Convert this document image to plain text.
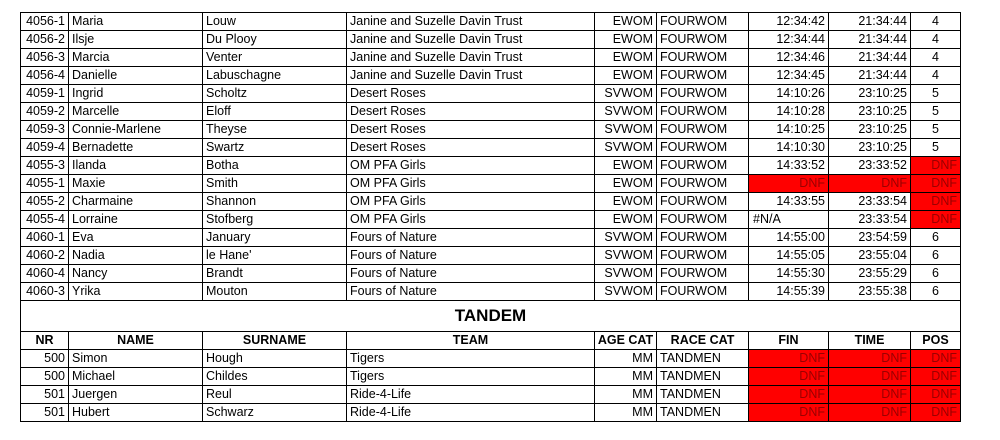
4056-1	Maria	Louw	Janine and Suzelle Davin Trust	EWOM	FOURWOM	12:34:42	21:34:44	4
4056-2	Ilsje	Du Plooy	Janine and Suzelle Davin Trust	EWOM	FOURWOM	12:34:44	21:34:44	4
4056-3	Marcia	Venter	Janine and Suzelle Davin Trust	EWOM	FOURWOM	12:34:46	21:34:44	4
4056-4	Danielle	Labuschagne	Janine and Suzelle Davin Trust	EWOM	FOURWOM	12:34:45	21:34:44	4
4059-1	Ingrid	Scholtz	Desert Roses	SVWOM	FOURWOM	14:10:26	23:10:25	5
4059-2	Marcelle	Eloff	Desert Roses	SVWOM	FOURWOM	14:10:28	23:10:25	5
4059-3	Connie-Marlene	Theyse	Desert Roses	SVWOM	FOURWOM	14:10:25	23:10:25	5
4059-4	Bernadette	Swartz	Desert Roses	SVWOM	FOURWOM	14:10:30	23:10:25	5
4055-3	Ilanda	Botha	OM PFA Girls	EWOM	FOURWOM	14:33:52	23:33:52	DNF
4055-1	Maxie	Smith	OM PFA Girls	EWOM	FOURWOM	DNF	DNF	DNF
4055-2	Charmaine	Shannon	OM PFA Girls	EWOM	FOURWOM	14:33:55	23:33:54	DNF
4055-4	Lorraine	Stofberg	OM PFA Girls	EWOM	FOURWOM	#N/A	23:33:54	DNF
4060-1	Eva	January	Fours of Nature	SVWOM	FOURWOM	14:55:00	23:54:59	6
4060-2	Nadia	le Hane'	Fours of Nature	SVWOM	FOURWOM	14:55:05	23:55:04	6
4060-4	Nancy	Brandt	Fours of Nature	SVWOM	FOURWOM	14:55:30	23:55:29	6
4060-3	Yrika	Mouton	Fours of Nature	SVWOM	FOURWOM	14:55:39	23:55:38	6
TANDEM								
NR	NAME	SURNAME	TEAM	AGE CAT	RACE CAT	FIN	TIME	POS
500	Simon	Hough	Tigers	MM	TANDMEN	DNF	DNF	DNF
500	Michael	Childes	Tigers	MM	TANDMEN	DNF	DNF	DNF
501	Juergen	Reul	Ride-4-Life	MM	TANDMEN	DNF	DNF	DNF
501	Hubert	Schwarz	Ride-4-Life	MM	TANDMEN	DNF	DNF	DNF
